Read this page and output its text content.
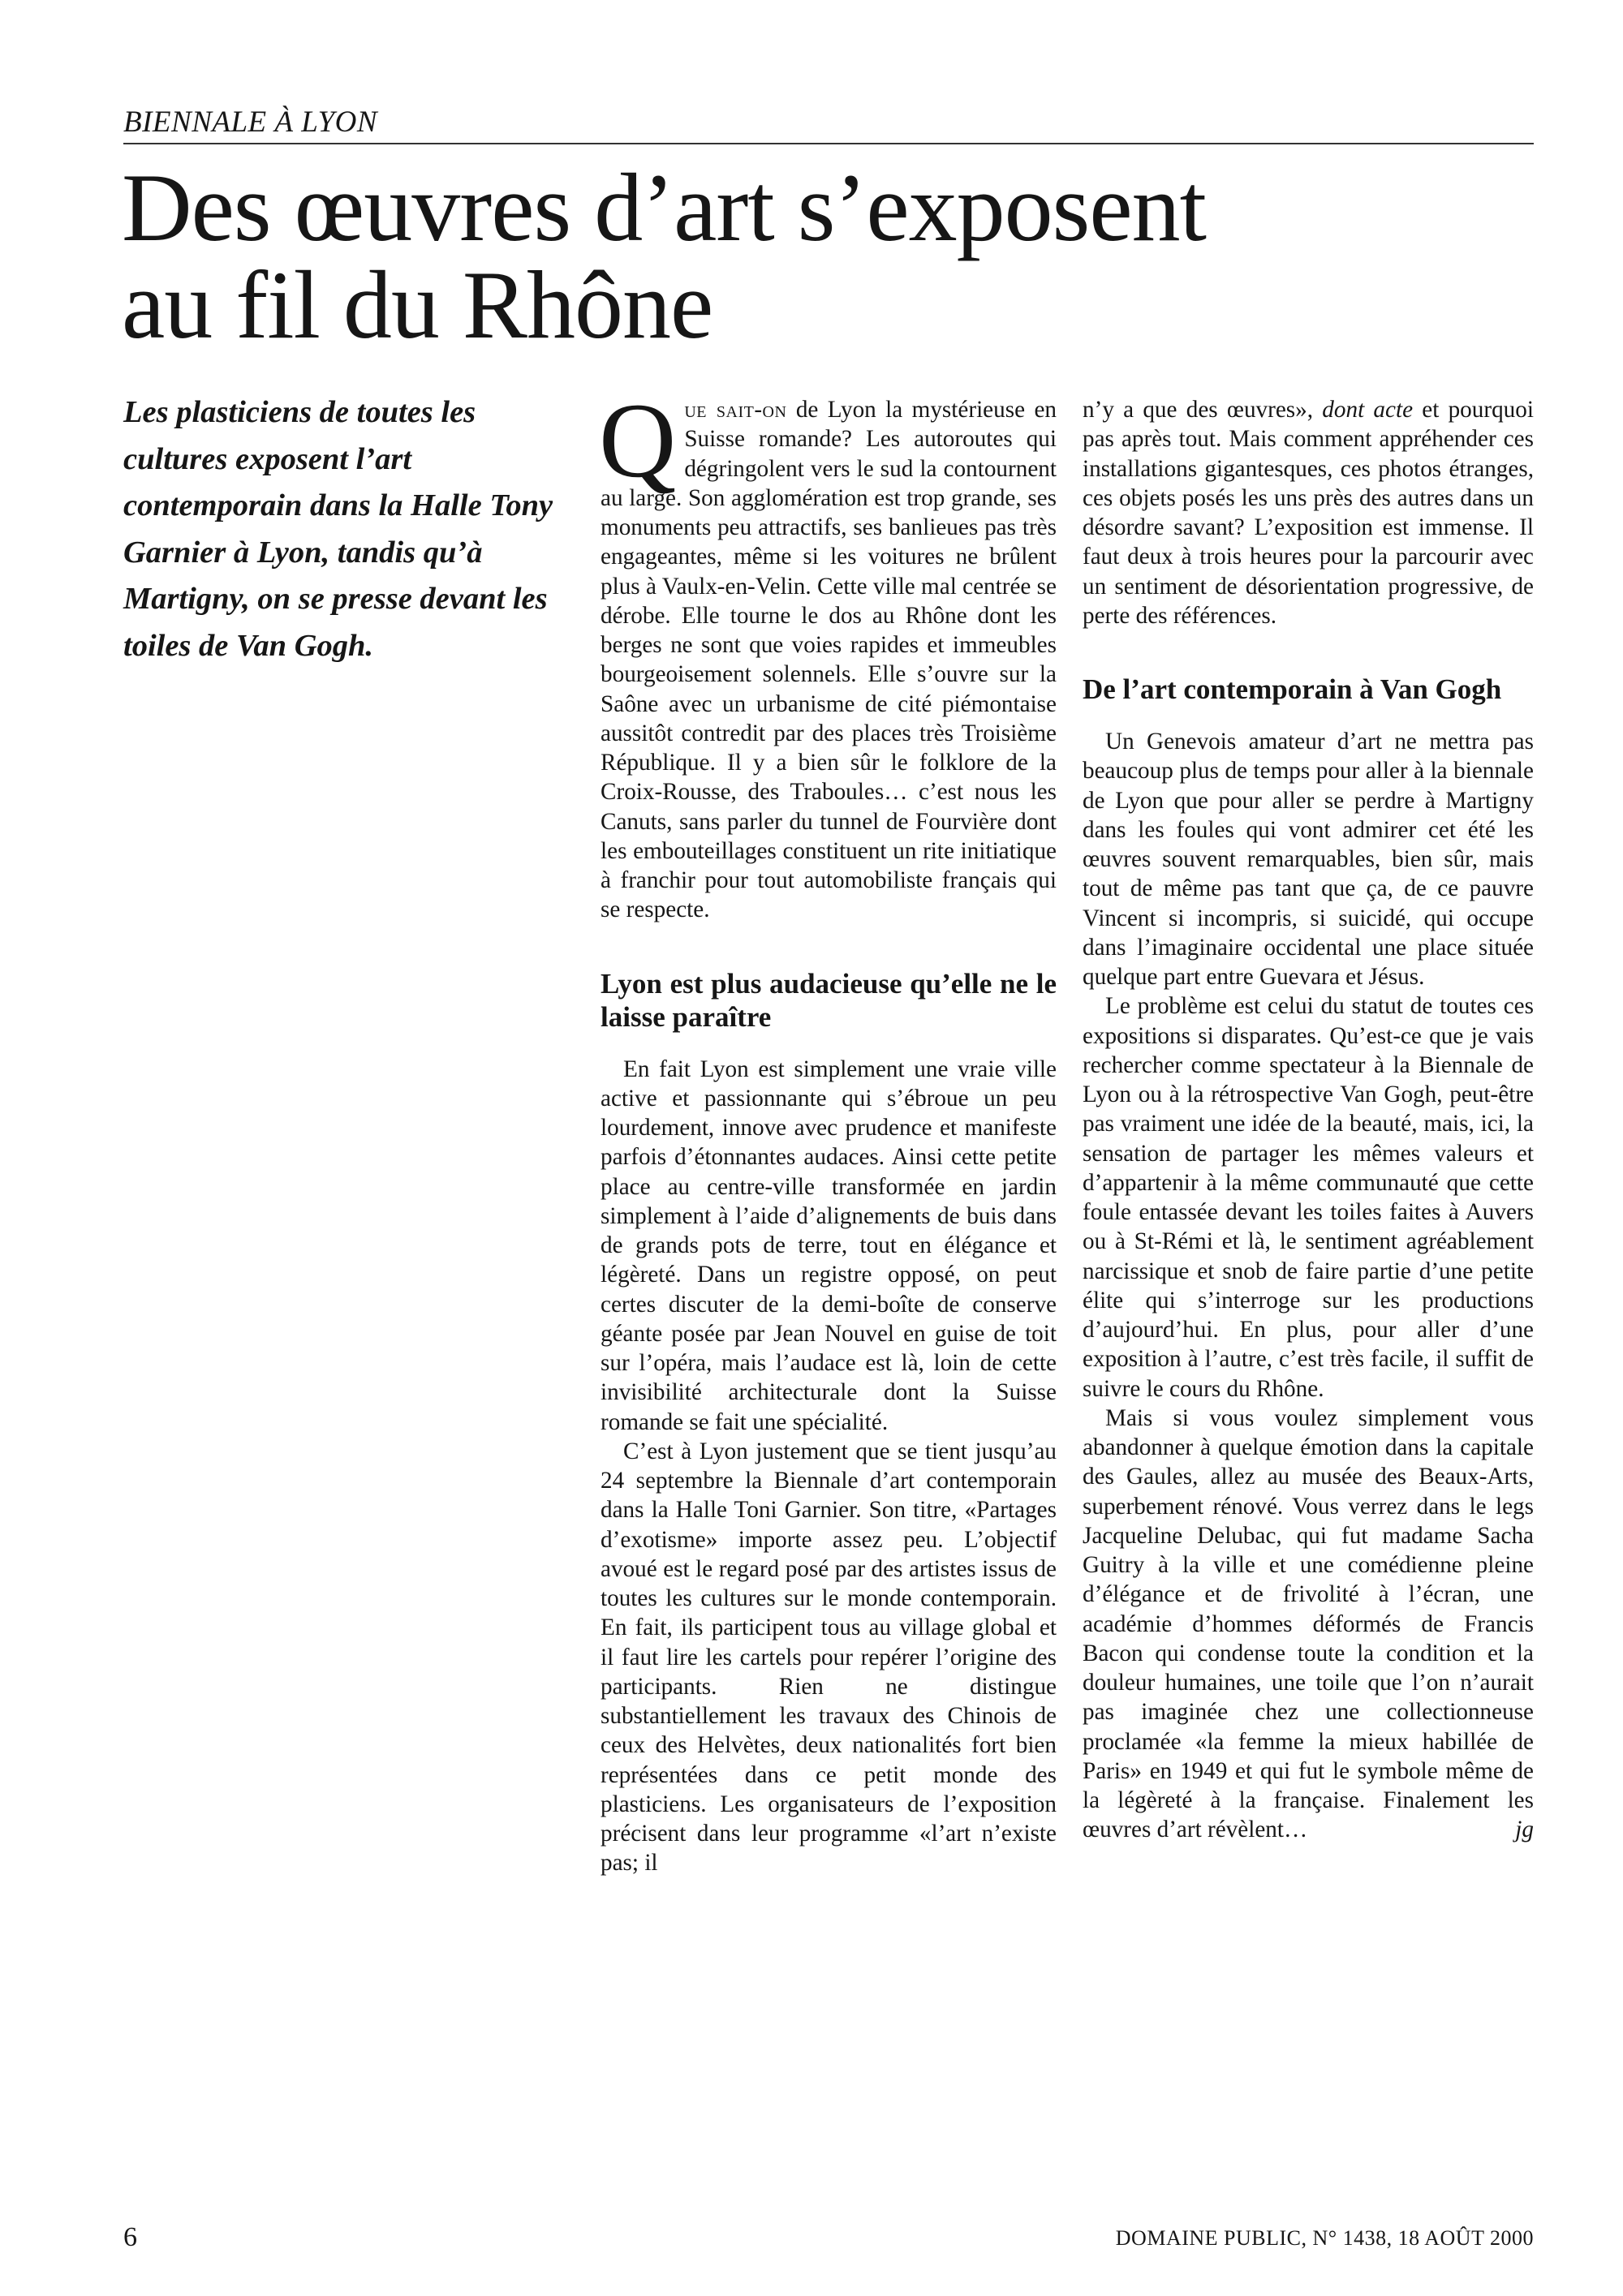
BIENNALE À LYON
Des œuvres d’art s’exposent
au fil du Rhône

Les plasticiens de toutes les cultures exposent l’art contemporain dans la Halle Tony Garnier à Lyon, tandis qu’à Martigny, on se presse devant les toiles de Van Gogh.

Que sait-on de Lyon la mystérieuse en Suisse romande? Les autoroutes qui dégringolent vers le sud la contournent au large. Son agglomération est trop grande, ses monuments peu attractifs, ses banlieues pas très engageantes, même si les voitures ne brûlent plus à Vaulx-en-Velin. Cette ville mal centrée se dérobe. Elle tourne le dos au Rhône dont les berges ne sont que voies rapides et immeubles bourgeoisement solennels. Elle s’ouvre sur la Saône avec un urbanisme de cité piémontaise aussitôt contredit par des places très Troisième République. Il y a bien sûr le folklore de la Croix-Rousse, des Traboules… c’est nous les Canuts, sans parler du tunnel de Fourvière dont les embouteillages constituent un rite initiatique à franchir pour tout automobiliste français qui se respecte.

Lyon est plus audacieuse qu’elle ne le laisse paraître

En fait Lyon est simplement une vraie ville active et passionnante qui s’ébroue un peu lourdement, innove avec prudence et manifeste parfois d’étonnantes audaces. Ainsi cette petite place au centre-ville transformée en jardin simplement à l’aide d’alignements de buis dans de grands pots de terre, tout en élégance et légèreté. Dans un registre opposé, on peut certes discuter de la demi-boîte de conserve géante posée par Jean Nouvel en guise de toit sur l’opéra, mais l’audace est là, loin de cette invisibilité architecturale dont la Suisse romande se fait une spécialité.

C’est à Lyon justement que se tient jusqu’au 24 septembre la Biennale d’art contemporain dans la Halle Toni Garnier. Son titre, «Partages d’exotisme» importe assez peu. L’objectif avoué est le regard posé par des artistes issus de toutes les cultures sur le monde contemporain. En fait, ils participent tous au village global et il faut lire les cartels pour repérer l’origine des participants. Rien ne distingue substantiellement les travaux des Chinois de ceux des Helvètes, deux nationalités fort bien représentées dans ce petit monde des plasticiens. Les organisateurs de l’exposition précisent dans leur programme «l’art n’existe pas; il

n’y a que des œuvres», dont acte et pourquoi pas après tout. Mais comment appréhender ces installations gigantesques, ces photos étranges, ces objets posés les uns près des autres dans un désordre savant? L’exposition est immense. Il faut deux à trois heures pour la parcourir avec un sentiment de désorientation progressive, de perte des références.

De l’art contemporain à Van Gogh

Un Genevois amateur d’art ne mettra pas beaucoup plus de temps pour aller à la biennale de Lyon que pour aller se perdre à Martigny dans les foules qui vont admirer cet été les œuvres souvent remarquables, bien sûr, mais tout de même pas tant que ça, de ce pauvre Vincent si incompris, si suicidé, qui occupe dans l’imaginaire occidental une place située quelque part entre Guevara et Jésus.

Le problème est celui du statut de toutes ces expositions si disparates. Qu’est-ce que je vais rechercher comme spectateur à la Biennale de Lyon ou à la rétrospective Van Gogh, peut-être pas vraiment une idée de la beauté, mais, ici, la sensation de partager les mêmes valeurs et d’appartenir à la même communauté que cette foule entassée devant les toiles faites à Auvers ou à St-Rémi et là, le sentiment agréablement narcissique et snob de faire partie d’une petite élite qui s’interroge sur les productions d’aujourd’hui. En plus, pour aller d’une exposition à l’autre, c’est très facile, il suffit de suivre le cours du Rhône.

Mais si vous voulez simplement vous abandonner à quelque émotion dans la capitale des Gaules, allez au musée des Beaux-Arts, superbement rénové. Vous verrez dans le legs Jacqueline Delubac, qui fut madame Sacha Guitry à la ville et une comédienne pleine d’élégance et de frivolité à l’écran, une académie d’hommes déformés de Francis Bacon qui condense toute la condition et la douleur humaines, une toile que l’on n’aurait pas imaginée chez une collectionneuse proclamée «la femme la mieux habillée de Paris» en 1949 et qui fut le symbole même de la légèreté à la française. Finalement les œuvres d’art révèlent…	jg

6	DOMAINE PUBLIC, N° 1438, 18 AOÛT 2000
